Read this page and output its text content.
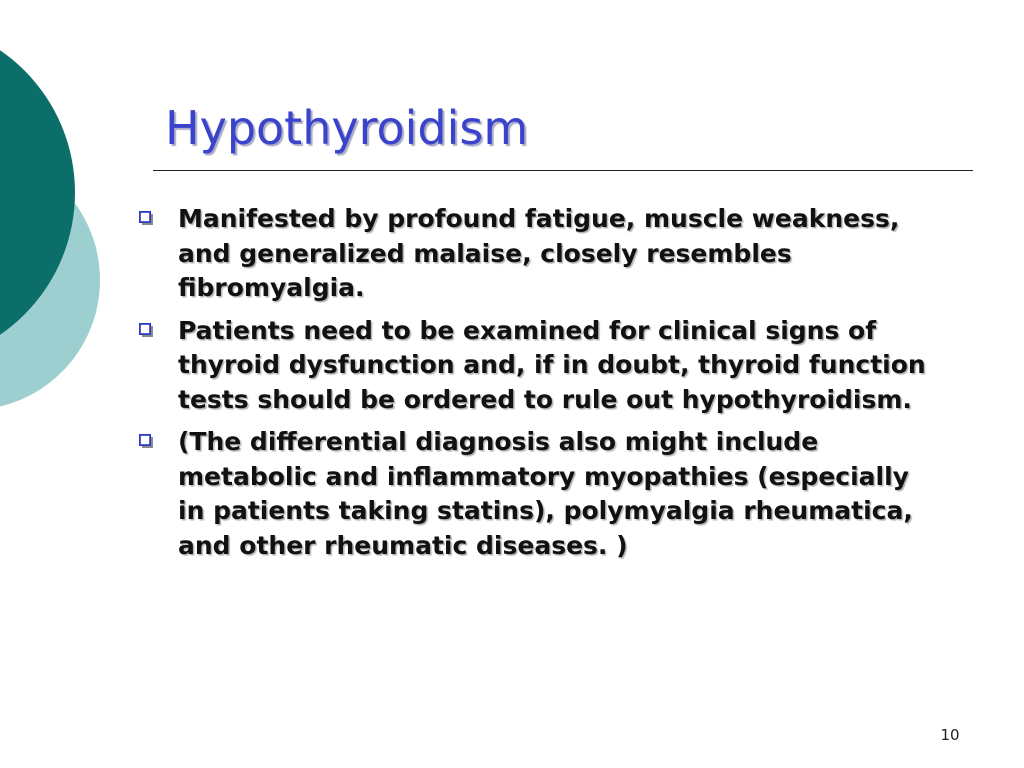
Hypothyroidism
Manifested by profound fatigue, muscle weakness, and generalized malaise, closely resembles fibromyalgia.
Patients need to be examined for clinical signs of thyroid dysfunction and, if in doubt, thyroid function tests should be ordered to rule out hypothyroidism.
(The differential diagnosis also might include metabolic and inflammatory myopathies (especially in patients taking statins), polymyalgia rheumatica, and other rheumatic diseases. )
10
